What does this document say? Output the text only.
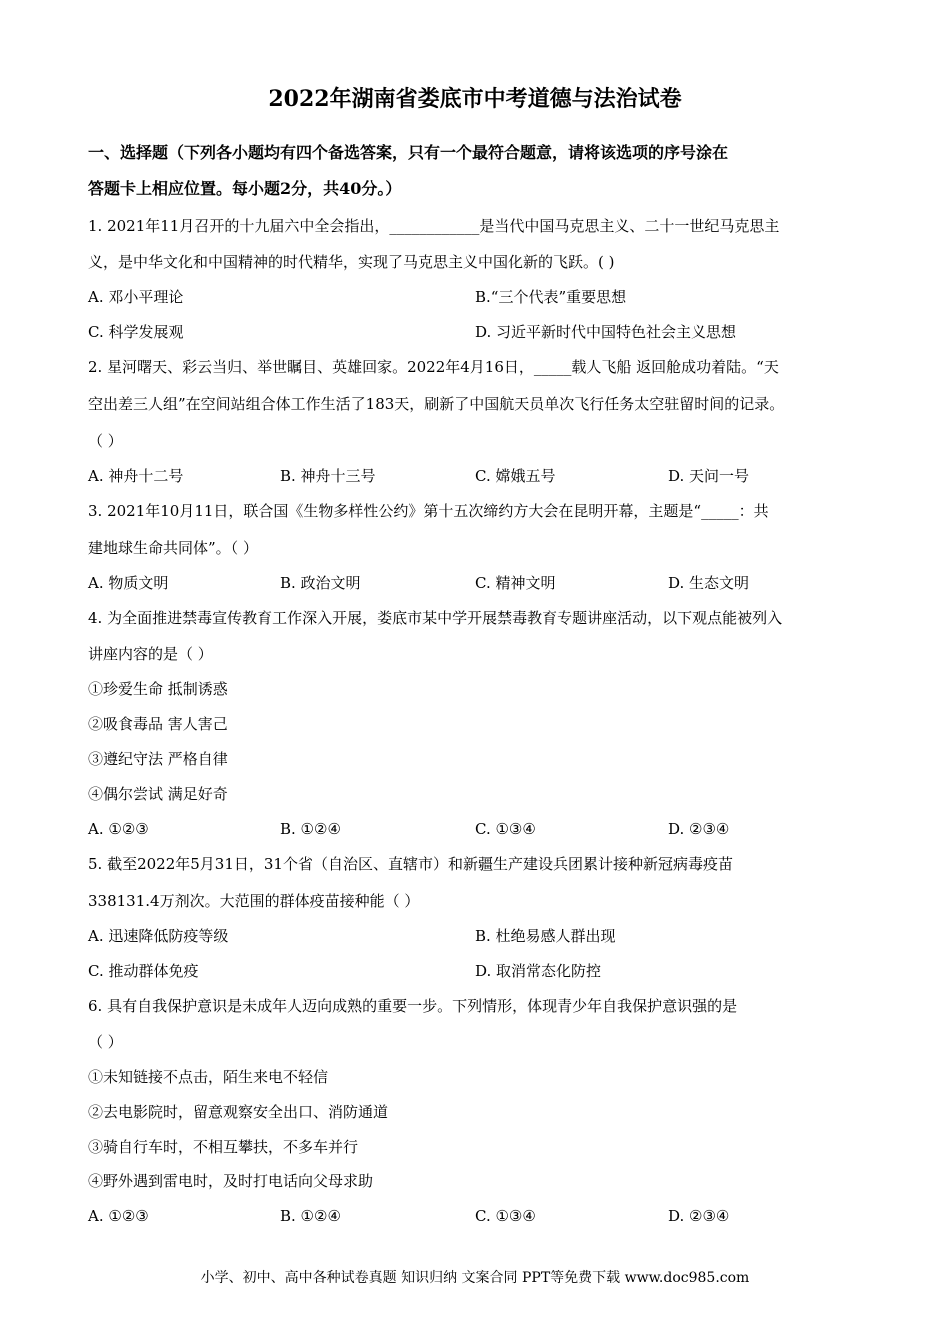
2022年湖南省娄底市中考道德与法治试卷
一、选择题（下列各小题均有四个备选答案，只有一个最符合题意，请将该选项的序号涂在
答题卡上相应位置。每小题2分，共40分。）
1. 2021年11月召开的十九届六中全会指出，____________是当代中国马克思主义、二十一世纪马克思主
义，是中华文化和中国精神的时代精华，实现了马克思主义中国化新的飞跃。( )
A. 邓小平理论	B.“三个代表”重要思想
C. 科学发展观	D. 习近平新时代中国特色社会主义思想
2. 星河曙天、彩云当归、举世瞩目、英雄回家。2022年4月16日，_____载人飞船 返回舱成功着陆。“天
空出差三人组”在空间站组合体工作生活了183天，刷新了中国航天员单次飞行任务太空驻留时间的记录。
（ ）
A. 神舟十二号	B. 神舟十三号	C. 嫦娥五号	D. 天问一号
3. 2021年10月11日，联合国《生物多样性公约》第十五次缔约方大会在昆明开幕，主题是“_____：共
建地球生命共同体”。（ ）
A. 物质文明	B. 政治文明	C. 精神文明	D. 生态文明
4. 为全面推进禁毒宣传教育工作深入开展，娄底市某中学开展禁毒教育专题讲座活动，以下观点能被列入
讲座内容的是（ ）
①珍爱生命 抵制诱惑
②吸食毒品 害人害己
③遵纪守法 严格自律
④偶尔尝试 满足好奇
A. ①②③	B. ①②④	C. ①③④	D. ②③④
5. 截至2022年5月31日，31个省（自治区、直辖市）和新疆生产建设兵团累计接种新冠病毒疫苗
338131.4万剂次。大范围的群体疫苗接种能（ ）
A. 迅速降低防疫等级	B. 杜绝易感人群出现
C. 推动群体免疫	D. 取消常态化防控
6. 具有自我保护意识是未成年人迈向成熟的重要一步。下列情形，体现青少年自我保护意识强的是
（ ）
①未知链接不点击，陌生来电不轻信
②去电影院时，留意观察安全出口、消防通道
③骑自行车时，不相互攀扶，不多车并行
④野外遇到雷电时，及时打电话向父母求助
A. ①②③	B. ①②④	C. ①③④	D. ②③④
小学、初中、高中各种试卷真题 知识归纳 文案合同 PPT等免费下载 www.doc985.com
